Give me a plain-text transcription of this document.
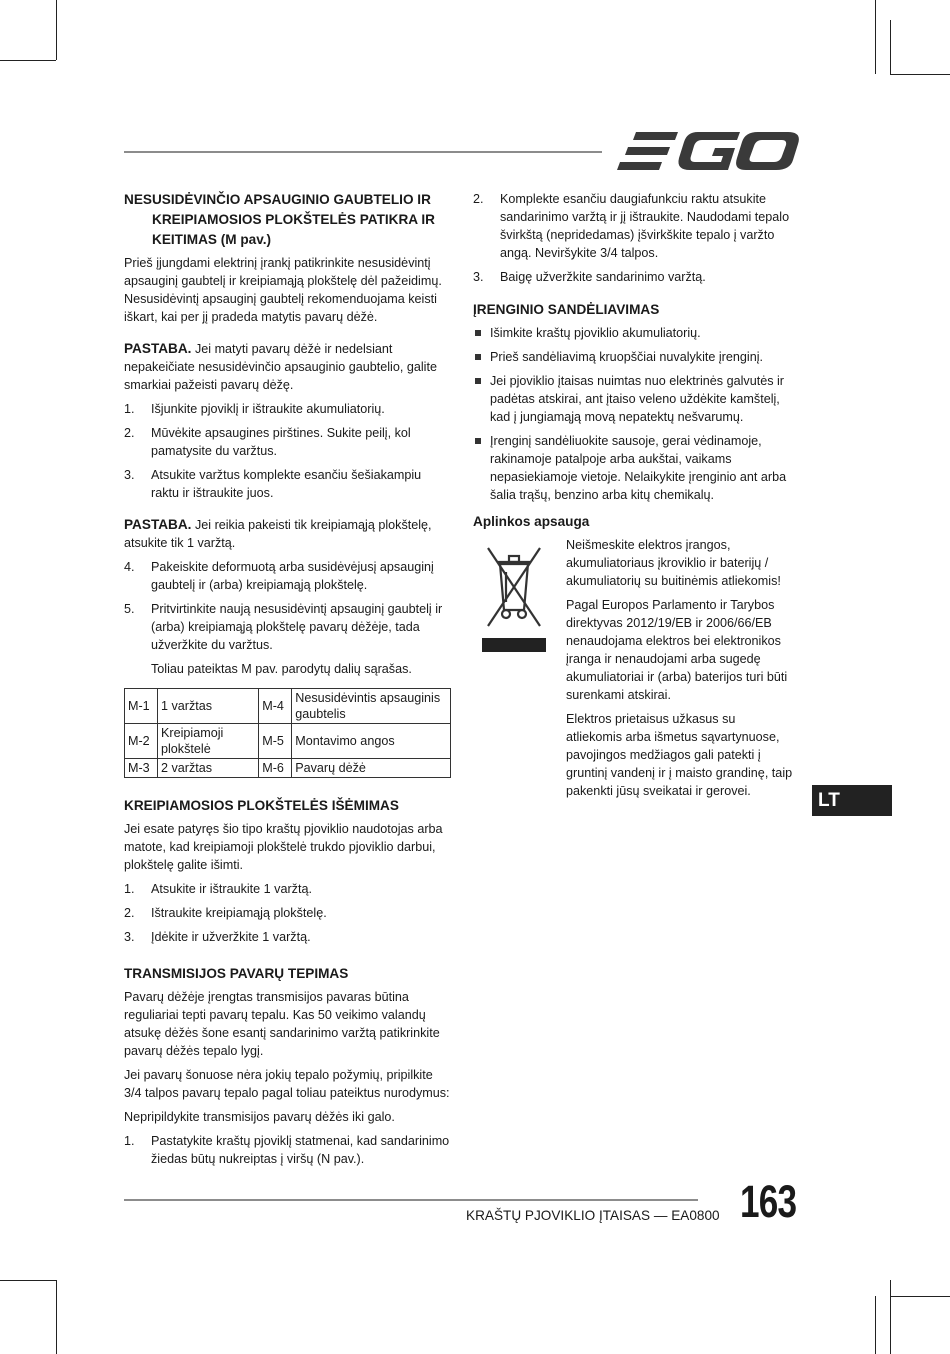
NESUSIDĖVINČIO APSAUGINIO GAUBTELIO IR KREIPIAMOSIOS PLOKŠTELĖS PATIKRA IR KEITIMAS (M pav.)

Prieš įjungdami elektrinį įrankį patikrinkite nesusidėvintį apsauginį gaubtelį ir kreipiamąją plokštelę dėl pažeidimų. Nesusidėvintį apsauginį gaubtelį rekomenduojama keisti iškart, kai per jį pradeda matytis pavarų dėžė.

PASTABA. Jei matyti pavarų dėžė ir nedelsiant nepakeičiate nesusidėvinčio apsauginio gaubtelio, galite smarkiai pažeisti pavarų dėžę.

1. Išjunkite pjoviklį ir ištraukite akumuliatorių.
2. Mūvėkite apsaugines pirštines. Sukite peilį, kol pamatysite du varžtus.
3. Atsukite varžtus komplekte esančiu šešiakampiu raktu ir ištraukite juos.

PASTABA. Jei reikia pakeisti tik kreipiamąją plokštelę, atsukite tik 1 varžtą.

4. Pakeiskite deformuotą arba susidėvėjusį apsauginį gaubtelį ir (arba) kreipiamąją plokštelę.
5. Pritvirtinkite naują nesusidėvintį apsauginį gaubtelį ir (arba) kreipiamąją plokštelę pavarų dėžėje, tada užveržkite du varžtus.

Toliau pateiktas M pav. parodytų dalių sąrašas.

M-1	1 varžtas	M-4	Nesusidėvintis apsauginis gaubtelis
M-2	Kreipiamoji plokštelė	M-5	Montavimo angos
M-3	2 varžtas	M-6	Pavarų dėžė
KREIPIAMOSIOS PLOKŠTELĖS IŠĖMIMAS

Jei esate patyręs šio tipo kraštų pjoviklio naudotojas arba matote, kad kreipiamoji plokštelė trukdo pjoviklio darbui, plokštelę galite išimti.

1. Atsukite ir ištraukite 1 varžtą.
2. Ištraukite kreipiamąją plokštelę.
3. Įdėkite ir užveržkite 1 varžtą.
TRANSMISIJOS PAVARŲ TEPIMAS

Pavarų dėžėje įrengtas transmisijos pavaras būtina reguliariai tepti pavarų tepalu. Kas 50 veikimo valandų atsukę dėžės šone esantį sandarinimo varžtą patikrinkite pavarų dėžės tepalo lygį.

Jei pavarų šonuose nėra jokių tepalo požymių, pripilkite 3/4 talpos pavarų tepalo pagal toliau pateiktus nurodymus:

Nepripildykite transmisijos pavarų dėžės iki galo.

1. Pastatykite kraštų pjoviklį statmenai, kad sandarinimo žiedas būtų nukreiptas į viršų (N pav.).
2. Komplekte esančiu daugiafunkciu raktu atsukite sandarinimo varžtą ir jį ištraukite. Naudodami tepalo švirkštą (nepridedamas) įšvirkškite tepalo į varžto angą. Neviršykite 3/4 talpos.
3. Baigę užveržkite sandarinimo varžtą.
ĮRENGINIO SANDĖLIAVIMAS
Išimkite kraštų pjoviklio akumuliatorių.
Prieš sandėliavimą kruopščiai nuvalykite įrenginį.
Jei pjoviklio įtaisas nuimtas nuo elektrinės galvutės ir padėtas atskirai, ant įtaiso veleno uždėkite kamštelį, kad į jungiamąją movą nepatektų nešvarumų.
Įrenginį sandėliuokite sausoje, gerai vėdinamoje, rakinamoje patalpoje arba aukštai, vaikams nepasiekiamoje vietoje. Nelaikykite įrenginio ant arba šalia trąšų, benzino arba kitų chemikalų.
Aplinkos apsauga

Neišmeskite elektros įrangos, akumuliatoriaus įkroviklio ir baterijų / akumuliatorių su buitinėmis atliekomis!

Pagal Europos Parlamento ir Tarybos direktyvas 2012/19/EB ir 2006/66/EB nenaudojama elektros bei elektronikos įranga ir nenaudojami arba sugedę akumuliatoriai ir (arba) baterijos turi būti surenkami atskirai.

Elektros prietaisus užkasus su atliekomis arba išmetus sąvartynuose, pavojingos medžiagos gali patekti į gruntinį vandenį ir į maisto grandinę, taip pakenkti jūsų sveikatai ir gerovei.	LT
KRAŠTŲ PJOVIKLIO ĮTAISAS — EA0800 163
